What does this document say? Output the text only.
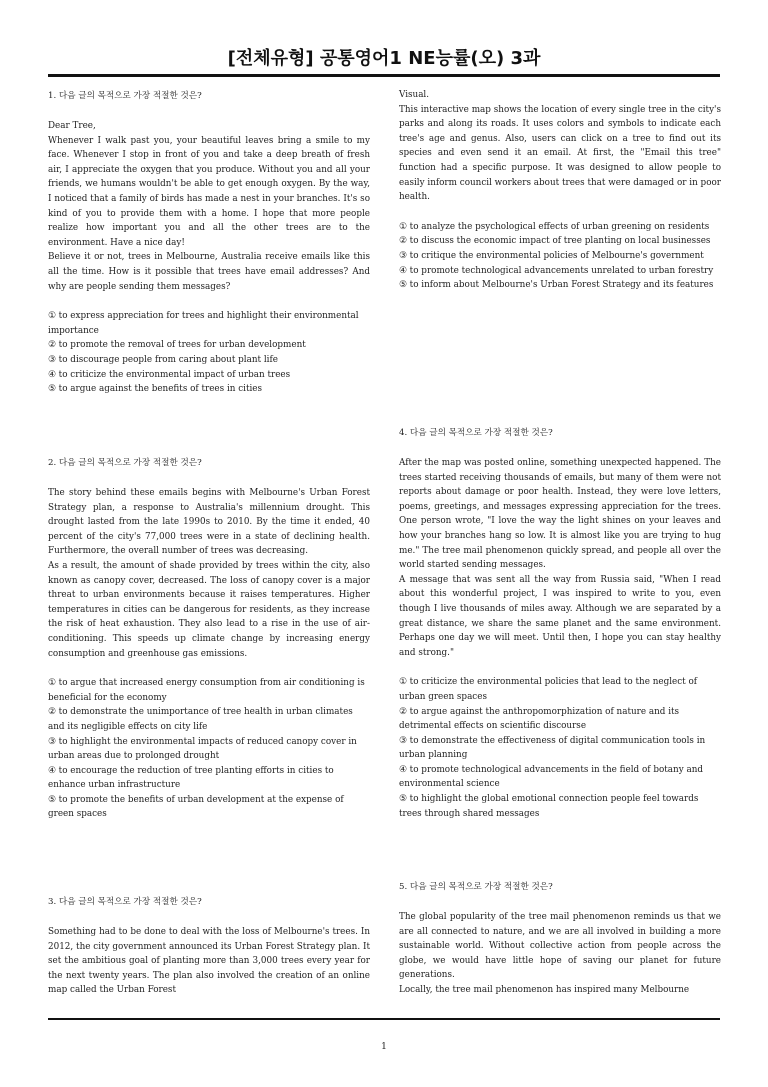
[전체유형] 공통영어1 NE능률(오) 3과
1. 다음 글의 목적으로 가장 적절한 것은?

Dear Tree,

Whenever I walk past you, your beautiful leaves bring a smile to my face. Whenever I stop in front of you and take a deep breath of fresh air, I appreciate the oxygen that you produce. Without you and all your friends, we humans wouldn't be able to get enough oxygen. By the way, I noticed that a family of birds has made a nest in your branches. It's so kind of you to provide them with a home. I hope that more people realize how important you and all the other trees are to the environment. Have a nice day!

Believe it or not, trees in Melbourne, Australia receive emails like this all the time. How is it possible that trees have email addresses? And why are people sending them messages?

① to express appreciation for trees and highlight their environmental importance
② to promote the removal of trees for urban development
③ to discourage people from caring about plant life
④ to criticize the environmental impact of urban trees
⑤ to argue against the benefits of trees in cities
2. 다음 글의 목적으로 가장 적절한 것은?

The story behind these emails begins with Melbourne's Urban Forest Strategy plan, a response to Australia's millennium drought. This drought lasted from the late 1990s to 2010. By the time it ended, 40 percent of the city's 77,000 trees were in a state of declining health. Furthermore, the overall number of trees was decreasing.

As a result, the amount of shade provided by trees within the city, also known as canopy cover, decreased. The loss of canopy cover is a major threat to urban environments because it raises temperatures. Higher temperatures in cities can be dangerous for residents, as they increase the risk of heat exhaustion. They also lead to a rise in the use of air-conditioning. This speeds up climate change by increasing energy consumption and greenhouse gas emissions.

① to argue that increased energy consumption from air conditioning is beneficial for the economy
② to demonstrate the unimportance of tree health in urban climates and its negligible effects on city life
③ to highlight the environmental impacts of reduced canopy cover in urban areas due to prolonged drought
④ to encourage the reduction of tree planting efforts in cities to enhance urban infrastructure
⑤ to promote the benefits of urban development at the expense of green spaces
3. 다음 글의 목적으로 가장 적절한 것은?

Something had to be done to deal with the loss of Melbourne's trees. In 2012, the city government announced its Urban Forest Strategy plan. It set the ambitious goal of planting more than 3,000 trees every year for the next twenty years. The plan also involved the creation of an online map called the Urban Forest

Visual.

This interactive map shows the location of every single tree in the city's parks and along its roads. It uses colors and symbols to indicate each tree's age and genus. Also, users can click on a tree to find out its species and even send it an email. At first, the "Email this tree" function had a specific purpose. It was designed to allow people to easily inform council workers about trees that were damaged or in poor health.

① to analyze the psychological effects of urban greening on residents
② to discuss the economic impact of tree planting on local businesses
③ to critique the environmental policies of Melbourne's government
④ to promote technological advancements unrelated to urban forestry
⑤ to inform about Melbourne's Urban Forest Strategy and its features
4. 다음 글의 목적으로 가장 적절한 것은?

After the map was posted online, something unexpected happened. The trees started receiving thousands of emails, but many of them were not reports about damage or poor health. Instead, they were love letters, poems, greetings, and messages expressing appreciation for the trees. One person wrote, "I love the way the light shines on your leaves and how your branches hang so low. It is almost like you are trying to hug me." The tree mail phenomenon quickly spread, and people all over the world started sending messages.

A message that was sent all the way from Russia said, "When I read about this wonderful project, I was inspired to write to you, even though I live thousands of miles away. Although we are separated by a great distance, we share the same planet and the same environment. Perhaps one day we will meet. Until then, I hope you can stay healthy and strong."

① to criticize the environmental policies that lead to the neglect of urban green spaces
② to argue against the anthropomorphization of nature and its detrimental effects on scientific discourse
③ to demonstrate the effectiveness of digital communication tools in urban planning
④ to promote technological advancements in the field of botany and environmental science
⑤ to highlight the global emotional connection people feel towards trees through shared messages
5. 다음 글의 목적으로 가장 적절한 것은?

The global popularity of the tree mail phenomenon reminds us that we are all connected to nature, and we are all involved in building a more sustainable world. Without collective action from people across the globe, we would have little hope of saving our planet for future generations.

Locally, the tree mail phenomenon has inspired many Melbourne

1
